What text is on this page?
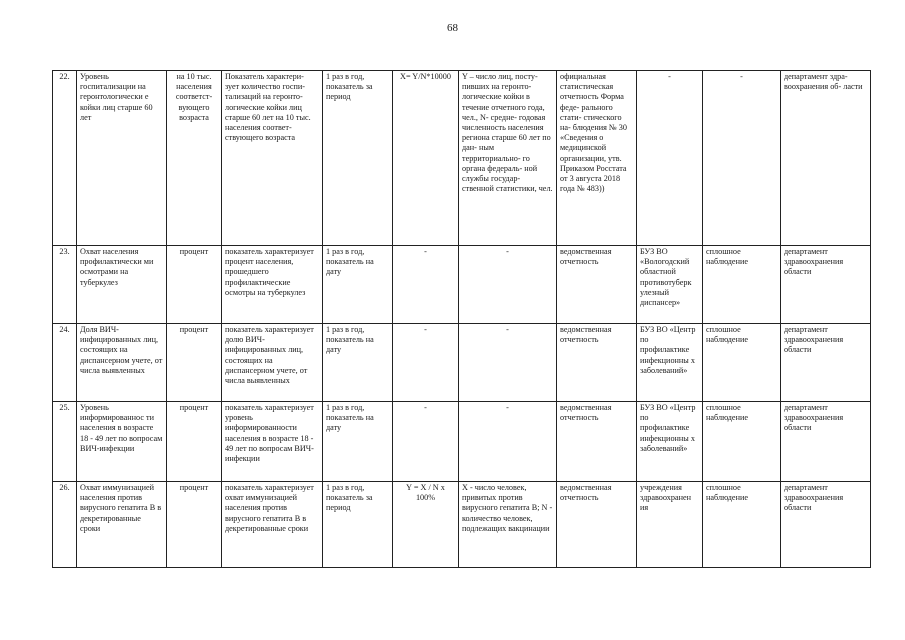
68
22.	Уровень госпитализации на геронтологически е койки лиц старше 60 лет	на 10 тыс. населения соответст- вующего возраста	Показатель характери- зует количество госпи- тализаций на геронто- логические койки лиц старше 60 лет на 10 тыс. населения соответ- ствующего возраста	1 раз в год, показатель за период	X= Y/N*10000	Y – число лиц, посту- пивших на геронто- логические койки в течение отчетного года, чел., N- средне- годовая численность населения региона старше 60 лет по дан- ным территориально- го органа федераль- ной службы государ- ственной статистики, чел.	официальная статистическая отчетность Форма феде- рального стати- стического на- блюдения № 30 «Сведения о медицинской организации, утв. Приказом Росстата от 3 августа 2018 года № 483))	-	-	департамент здра- воохранения об- ласти
23.	Охват населения профилактически ми осмотрами на туберкулез	процент	показатель характеризует процент населения, прошедшего профилактические осмотры на туберкулез	1 раз в год, показатель на дату	-	-	ведомственная отчетность	БУЗ ВО «Вологодский областной противотуберк улезный диспансер»	сплошное наблюдение	департамент здравоохранения области
24.	Доля ВИЧ- инфицированных лиц, состоящих на диспансерном учете, от числа выявленных	процент	показатель характеризует долю ВИЧ-инфицированных лиц, состоящих на диспансерном учете, от числа выявленных	1 раз в год, показатель на дату	-	-	ведомственная отчетность	БУЗ ВО «Центр по профилактике инфекционны х заболеваний»	сплошное наблюдение	департамент здравоохранения области
25.	Уровень информированнос ти населения в возрасте 18 - 49 лет по вопросам ВИЧ-инфекции	процент	показатель характеризует уровень информированности населения в возрасте 18 - 49 лет по вопросам ВИЧ-инфекции	1 раз в год, показатель на дату	-	-	ведомственная отчетность	БУЗ ВО «Центр по профилактике инфекционны х заболеваний»	сплошное наблюдение	департамент здравоохранения области
26.	Охват иммунизацией населения против вирусного гепатита В в декретированные сроки	процент	показатель характеризует охват иммунизацией населения против вирусного гепатита В в декретированные сроки	1 раз в год, показатель за период	Y = X / N x 100%	X - число человек, привитых против вирусного гепатита В; N - количество человек, подлежащих вакцинации	ведомственная отчетность	учреждения здравоохранен ия	сплошное наблюдение	департамент здравоохранения области
